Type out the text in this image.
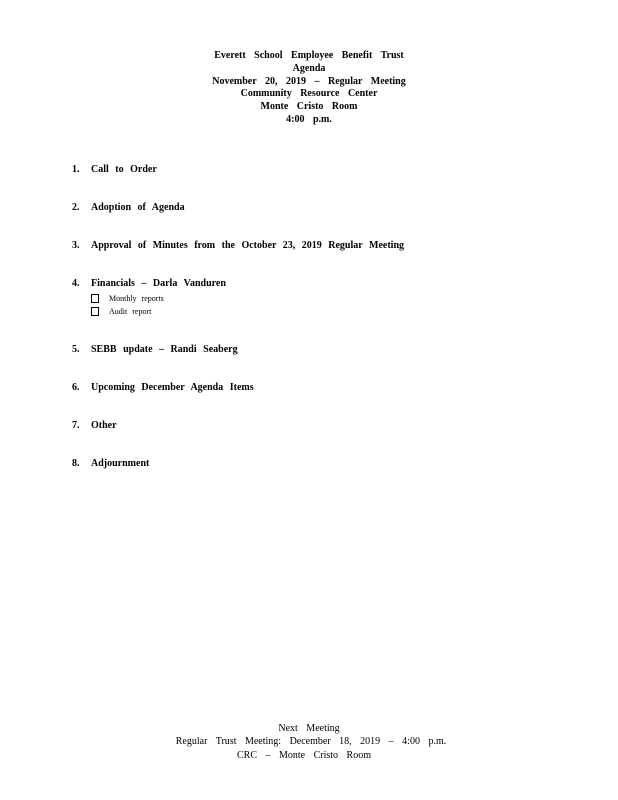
Everett School Employee Benefit Trust
Agenda
November 20, 2019 – Regular Meeting
Community Resource Center
Monte Cristo Room
4:00 p.m.
1. Call to Order
2. Adoption of Agenda
3. Approval of Minutes from the October 23, 2019 Regular Meeting
4. Financials – Darla Vanduren
Monthly reports
Audit report
5. SEBB update – Randi Seaberg
6. Upcoming December Agenda Items
7. Other
8. Adjournment
Next Meeting
Regular Trust Meeting: December 18, 2019 – 4:00 p.m.
CRC – Monte Cristo Room
